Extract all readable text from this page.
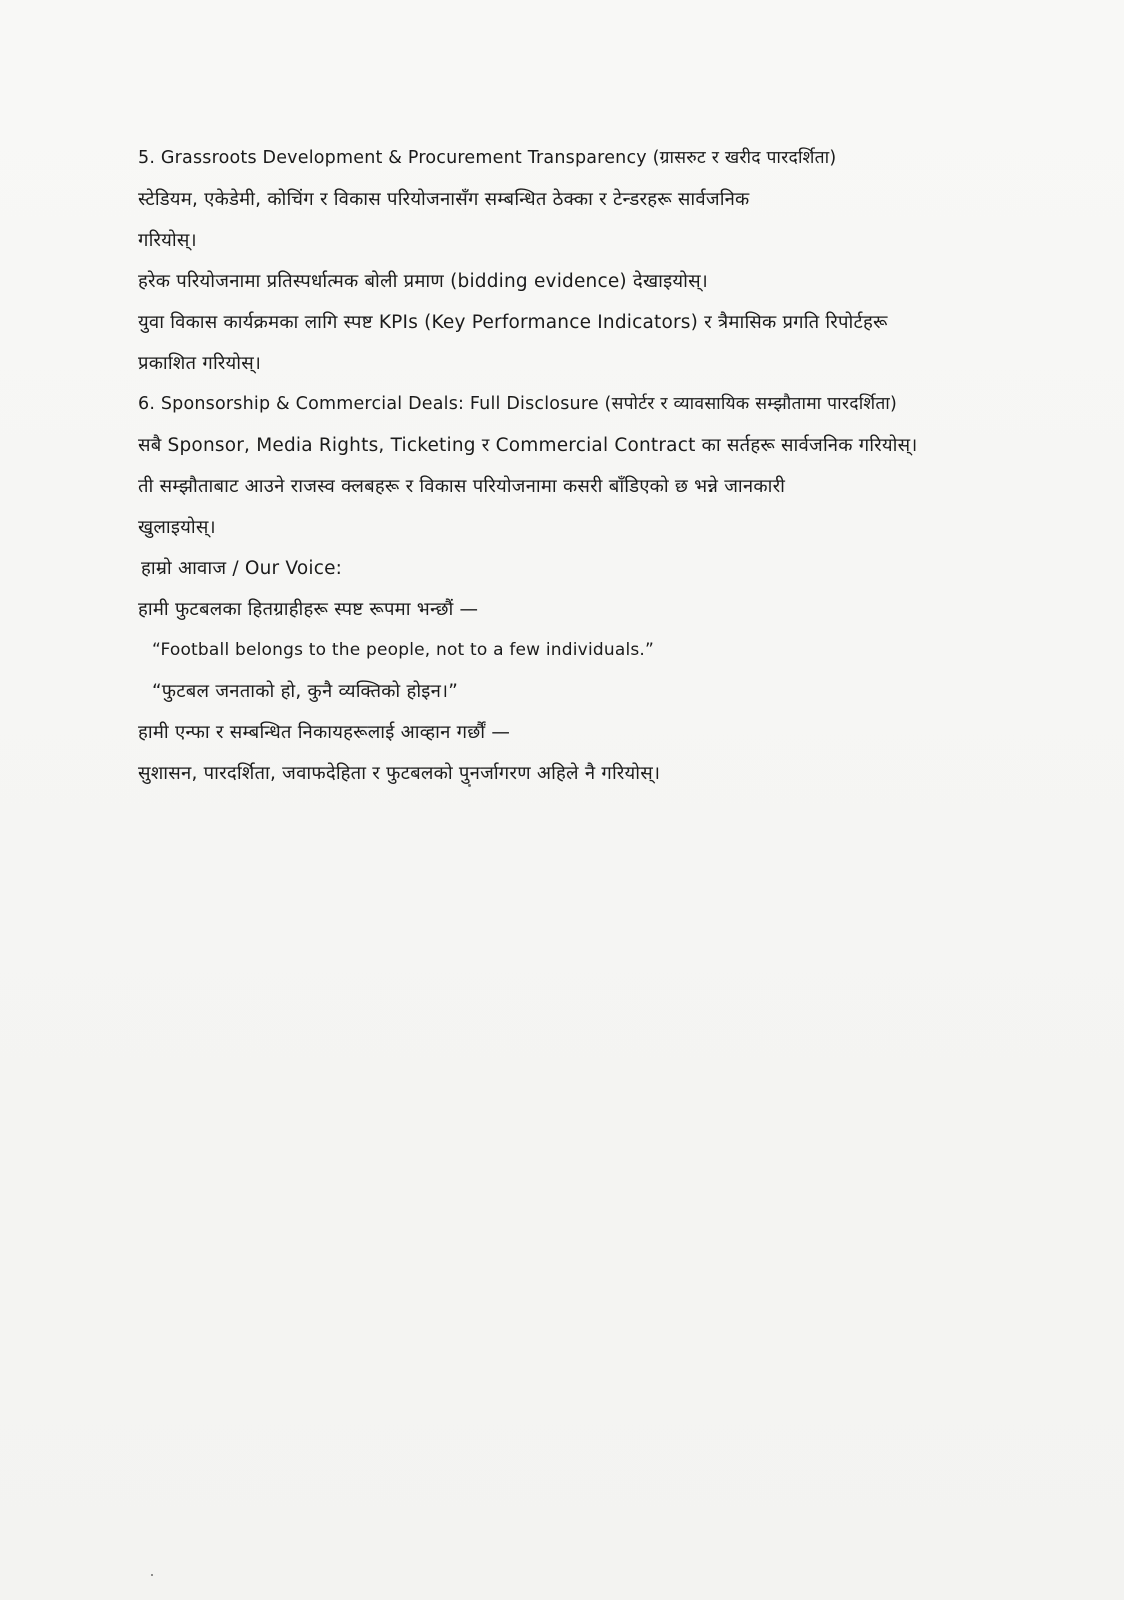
5. Grassroots Development & Procurement Transparency (ग्रासरुट र खरीद पारदर्शिता)
स्टेडियम, एकेडेमी, कोचिंग र विकास परियोजनासँग सम्बन्धित ठेक्का र टेन्डरहरू सार्वजनिक
गरियोस्।
हरेक परियोजनामा प्रतिस्पर्धात्मक बोली प्रमाण (bidding evidence) देखाइयोस्।
युवा विकास कार्यक्रमका लागि स्पष्ट KPIs (Key Performance Indicators) र त्रैमासिक प्रगति रिपोर्टहरू
प्रकाशित गरियोस्।
6. Sponsorship & Commercial Deals: Full Disclosure (सपोर्टर र व्यावसायिक सम्झौतामा पारदर्शिता)
सबै Sponsor, Media Rights, Ticketing र Commercial Contract का सर्तहरू सार्वजनिक गरियोस्।
ती सम्झौताबाट आउने राजस्व क्लबहरू र विकास परियोजनामा कसरी बाँडिएको छ भन्ने जानकारी
खुलाइयोस्।
हाम्रो आवाज / Our Voice:
हामी फुटबलका हितग्राहीहरू स्पष्ट रूपमा भन्छौं —
“Football belongs to the people, not to a few individuals.”
“फुटबल जनताको हो, कुनै व्यक्तिको होइन।”
हामी एन्फा र सम्बन्धित निकायहरूलाई आव्हान गर्छौं —
सुशासन, पारदर्शिता, जवाफदेहिता र फुटबलको पुनर्जागरण अहिले नै गरियोस्।
